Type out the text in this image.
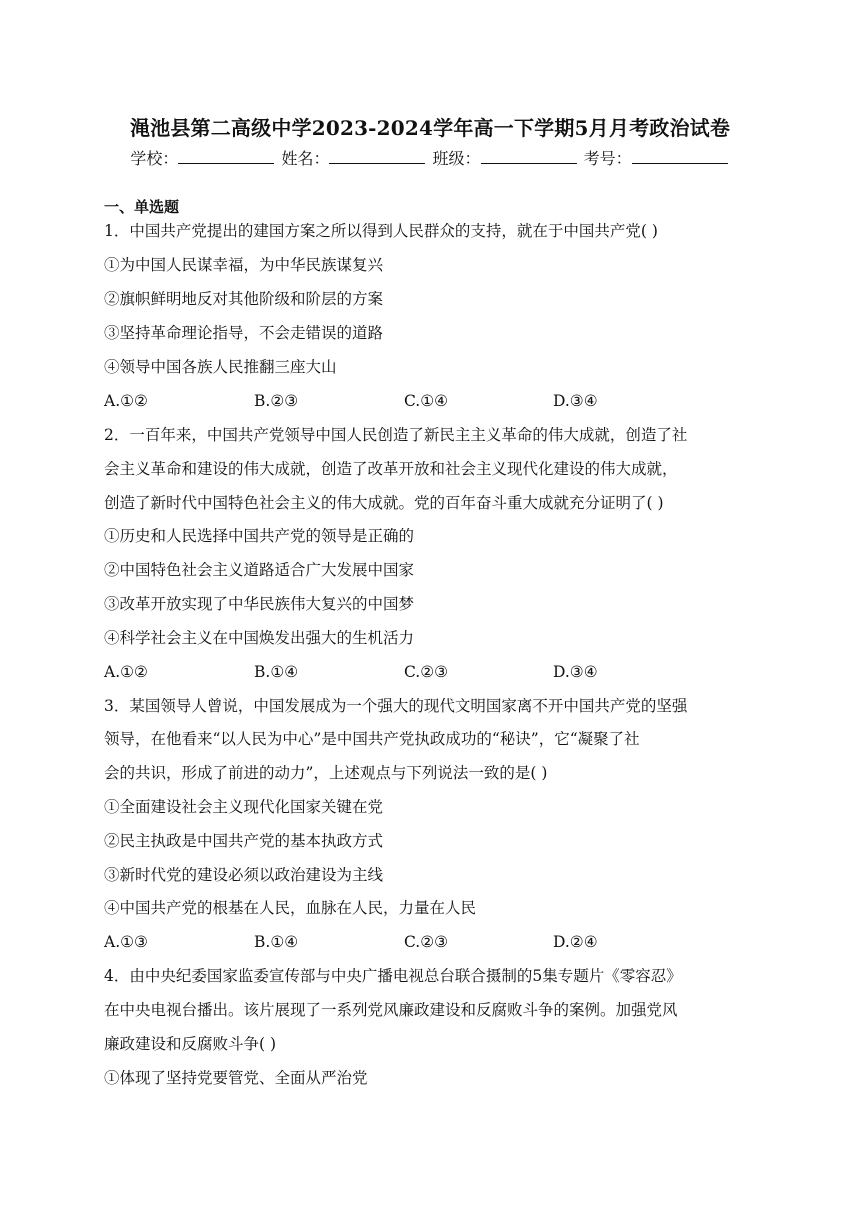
渑池县第二高级中学2023-2024学年高一下学期5月月考政治试卷
学校：	姓名：	班级：	考号：
一、单选题
1．中国共产党提出的建国方案之所以得到人民群众的支持，就在于中国共产党( )
①为中国人民谋幸福，为中华民族谋复兴
②旗帜鲜明地反对其他阶级和阶层的方案
③坚持革命理论指导，不会走错误的道路
④领导中国各族人民推翻三座大山
A.①②	B.②③	C.①④	D.③④
2．一百年来，中国共产党领导中国人民创造了新民主主义革命的伟大成就，创造了社
会主义革命和建设的伟大成就，创造了改革开放和社会主义现代化建设的伟大成就，
创造了新时代中国特色社会主义的伟大成就。党的百年奋斗重大成就充分证明了( )
①历史和人民选择中国共产党的领导是正确的
②中国特色社会主义道路适合广大发展中国家
③改革开放实现了中华民族伟大复兴的中国梦
④科学社会主义在中国焕发出强大的生机活力
A.①②	B.①④	C.②③	D.③④
3．某国领导人曾说，中国发展成为一个强大的现代文明国家离不开中国共产党的坚强
领导，在他看来“以人民为中心”是中国共产党执政成功的“秘诀”，它“凝聚了社
会的共识，形成了前进的动力”，上述观点与下列说法一致的是( )
①全面建设社会主义现代化国家关键在党
②民主执政是中国共产党的基本执政方式
③新时代党的建设必须以政治建设为主线
④中国共产党的根基在人民，血脉在人民，力量在人民
A.①③	B.①④	C.②③	D.②④
4．由中央纪委国家监委宣传部与中央广播电视总台联合摄制的5集专题片《零容忍》
在中央电视台播出。该片展现了一系列党风廉政建设和反腐败斗争的案例。加强党风
廉政建设和反腐败斗争( )
①体现了坚持党要管党、全面从严治党
